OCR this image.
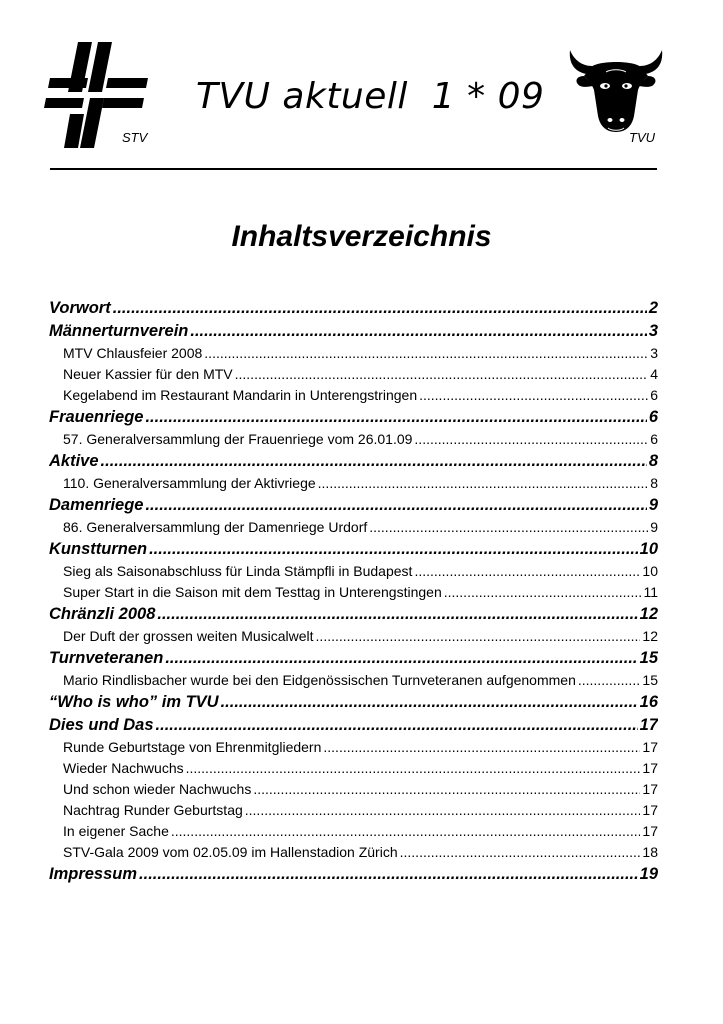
STV
TVU aktuell  1 * 09
TVU
Inhaltsverzeichnis
Vorwort .....	2
Männerturnverein .....	3
MTV Chlausfeier 2008 .....	3
Neuer Kassier für den MTV .....	4
Kegelabend im Restaurant Mandarin in Unterengstringen .....	6
Frauenriege .....	6
57. Generalversammlung der Frauenriege vom 26.01.09 .....	6
Aktive .....	8
110. Generalversammlung der Aktivriege .....	8
Damenriege .....	9
86. Generalversammlung der Damenriege Urdorf .....	9
Kunstturnen .....	10
Sieg als Saisonabschluss für Linda Stämpfli in Budapest .....	10
Super Start in die Saison mit dem Testtag in Unterengstingen .....	11
Chränzli 2008 .....	12
Der Duft der grossen weiten Musicalwelt .....	12
Turnveteranen .....	15
Mario Rindlisbacher wurde bei den Eidgenössischen Turnveteranen aufgenommen .....	15
“Who is who” im TVU .....	16
Dies und Das .....	17
Runde Geburtstage von Ehrenmitgliedern .....	17
Wieder Nachwuchs .....	17
Und schon wieder Nachwuchs .....	17
Nachtrag Runder Geburtstag .....	17
In eigener Sache .....	17
STV-Gala 2009 vom 02.05.09 im Hallenstadion Zürich .....	18
Impressum .....	19
